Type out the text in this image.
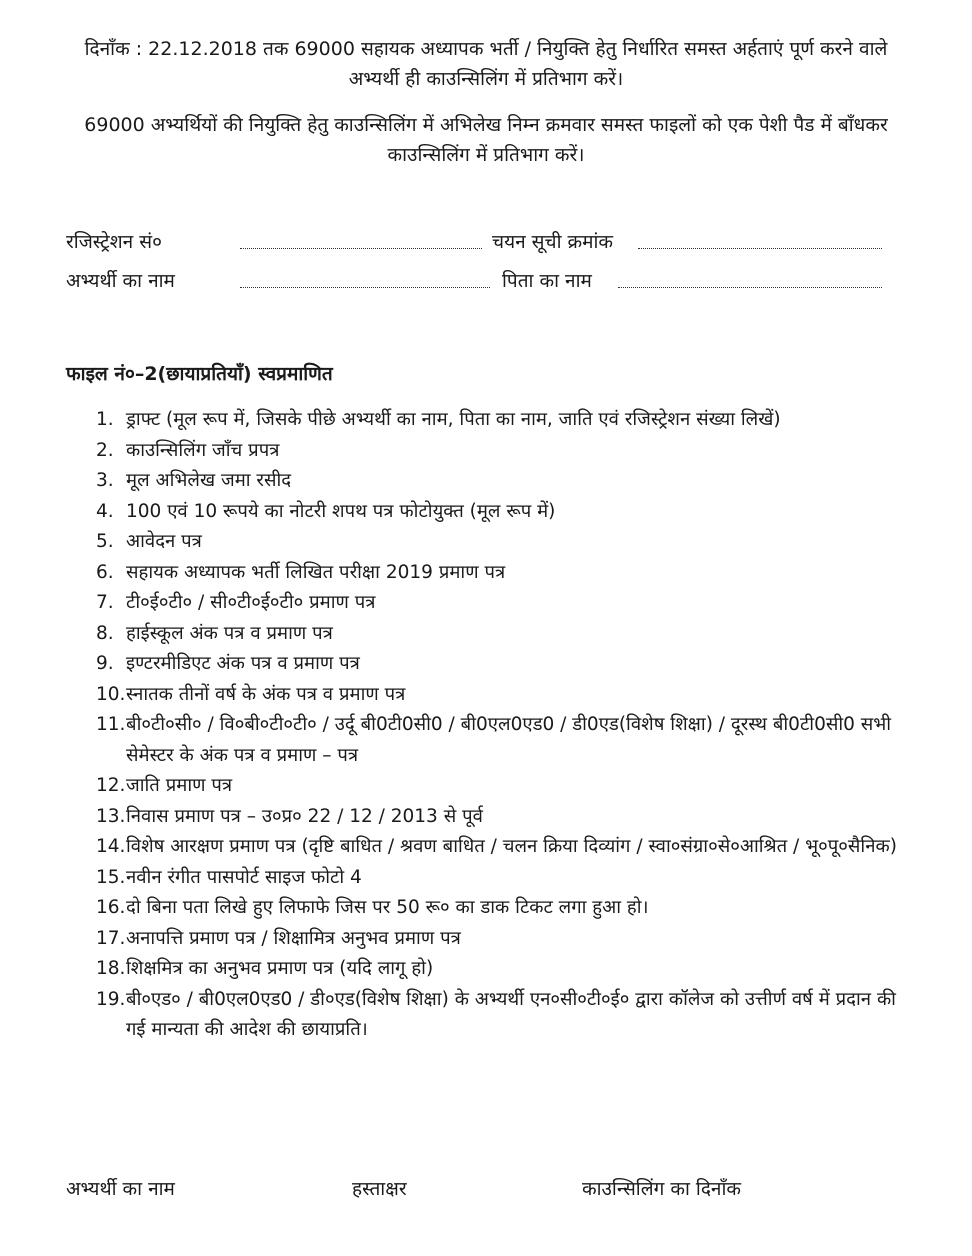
दिनाँक : 22.12.2018 तक 69000 सहायक अध्यापक भर्ती / नियुक्ति हेतु निर्धारित समस्त अर्हताएं पूर्ण करने वाले अभ्यर्थी ही काउन्सिलिंग में प्रतिभाग करें।
69000 अभ्यर्थियों की नियुक्ति हेतु काउन्सिलिंग में अभिलेख निम्न क्रमवार समस्त फाइलों को एक पेशी पैड में बाँधकर काउन्सिलिंग में प्रतिभाग करें।
रजिस्ट्रेशन सं०	चयन सूची क्रमांक
अभ्यर्थी का नाम	पिता का नाम
फाइल नं०–2(छायाप्रतियाँ) स्वप्रमाणित
1. ड्राफ्ट (मूल रूप में, जिसके पीछे अभ्यर्थी का नाम, पिता का नाम, जाति एवं रजिस्ट्रेशन संख्या लिखें)
2. काउन्सिलिंग जाँच प्रपत्र
3. मूल अभिलेख जमा रसीद
4. 100 एवं 10 रूपये का नोटरी शपथ पत्र फोटोयुक्त (मूल रूप में)
5. आवेदन पत्र
6. सहायक अध्यापक भर्ती लिखित परीक्षा 2019 प्रमाण पत्र
7. टी०ई०टी० / सी०टी०ई०टी० प्रमाण पत्र
8. हाईस्कूल अंक पत्र व प्रमाण पत्र
9. इण्टरमीडिएट अंक पत्र व प्रमाण पत्र
10. स्नातक तीनों वर्ष के अंक पत्र व प्रमाण पत्र
11. बी०टी०सी० / वि०बी०टी०टी० / उर्दू बी0टी0सी0 / बी0एल0एड0 / डी0एड(विशेष शिक्षा) / दूरस्थ बी0टी0सी0 सभी सेमेस्टर के अंक पत्र व प्रमाण – पत्र
12. जाति प्रमाण पत्र
13. निवास प्रमाण पत्र – उ०प्र० 22 / 12 / 2013 से पूर्व
14. विशेष आरक्षण प्रमाण पत्र (दृष्टि बाधित / श्रवण बाधित / चलन क्रिया दिव्यांग / स्वा०संग्रा०से०आश्रित / भू०पू०सैनिक)
15. नवीन रंगीत पासपोर्ट साइज फोटो 4
16. दो बिना पता लिखे हुए लिफाफे जिस पर 50 रू० का डाक टिकट लगा हुआ हो।
17. अनापत्ति प्रमाण पत्र / शिक्षामित्र अनुभव प्रमाण पत्र
18. शिक्षमित्र का अनुभव प्रमाण पत्र (यदि लागू हो)
19. बी०एड० / बी0एल0एड0 / डी०एड(विशेष शिक्षा) के अभ्यर्थी एन०सी०टी०ई० द्वारा कॉलेज को उत्तीर्ण वर्ष में प्रदान की गई मान्यता की आदेश की छायाप्रति।
अभ्यर्थी का नाम	हस्ताक्षर	काउन्सिलिंग का दिनाँक
